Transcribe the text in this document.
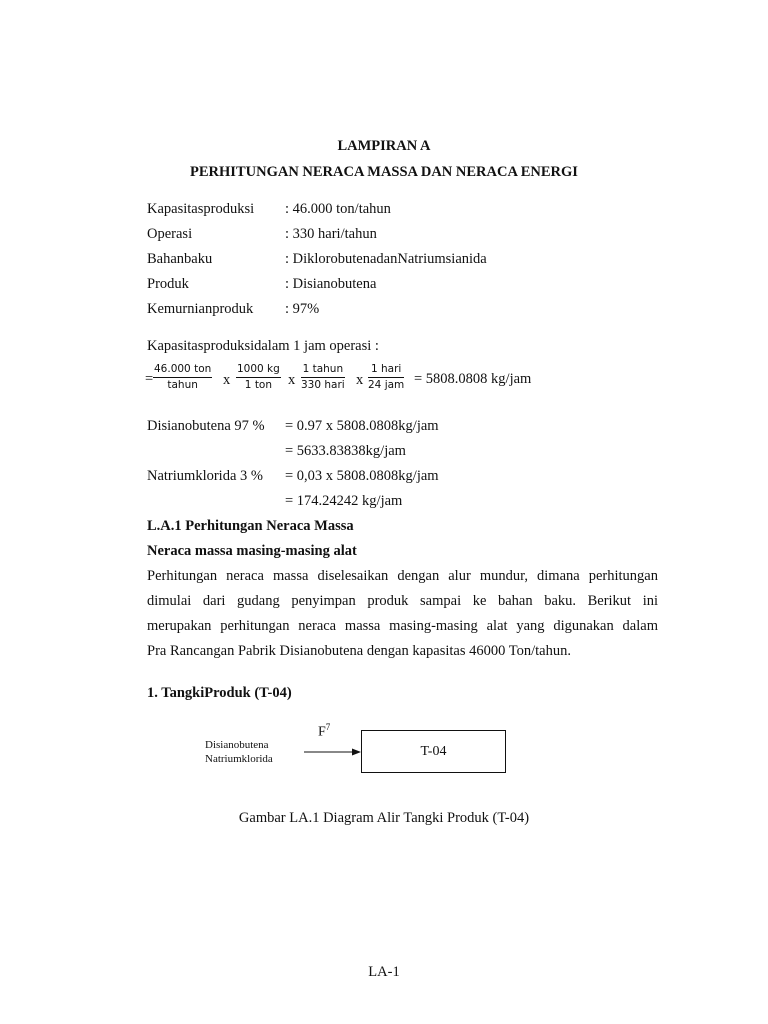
LAMPIRAN A
PERHITUNGAN NERACA MASSA DAN NERACA ENERGI
Kapasitasproduksi : 46.000 ton/tahun
Operasi	: 330 hari/tahun
Bahanbaku	: DiklorobutenadanNatriumsianida
Produk	: Disianobutena
Kemurnianproduk : 97%
Kapasitasproduksidalam 1 jam operasi :
=
46.000 ton
tahun	x
1000 kg
1 ton	x
1 tahun
330 hari x
1 hari
24 jam = 5808.0808 kg/jam
Disianobutena 97 % = 0.97 x 5808.0808kg/jam
= 5633.83838kg/jam
Natriumklorida 3 % = 0,03 x 5808.0808kg/jam
= 174.24242 kg/jam
L.A.1 Perhitungan Neraca Massa
Neraca massa masing-masing alat
Perhitungan neraca massa diselesaikan dengan alur mundur, dimana perhitungan
dimulai dari gudang penyimpan produk sampai ke bahan baku. Berikut ini
merupakan perhitungan neraca massa masing-masing alat yang digunakan dalam
Pra Rancangan Pabrik Disianobutena dengan kapasitas 46000 Ton/tahun.
1. TangkiProduk (T-04)
$F^7$
Disianobutena
Natriumklorida
T-04
Gambar LA.1 Diagram Alir Tangki Produk (T-04)
LA-1
